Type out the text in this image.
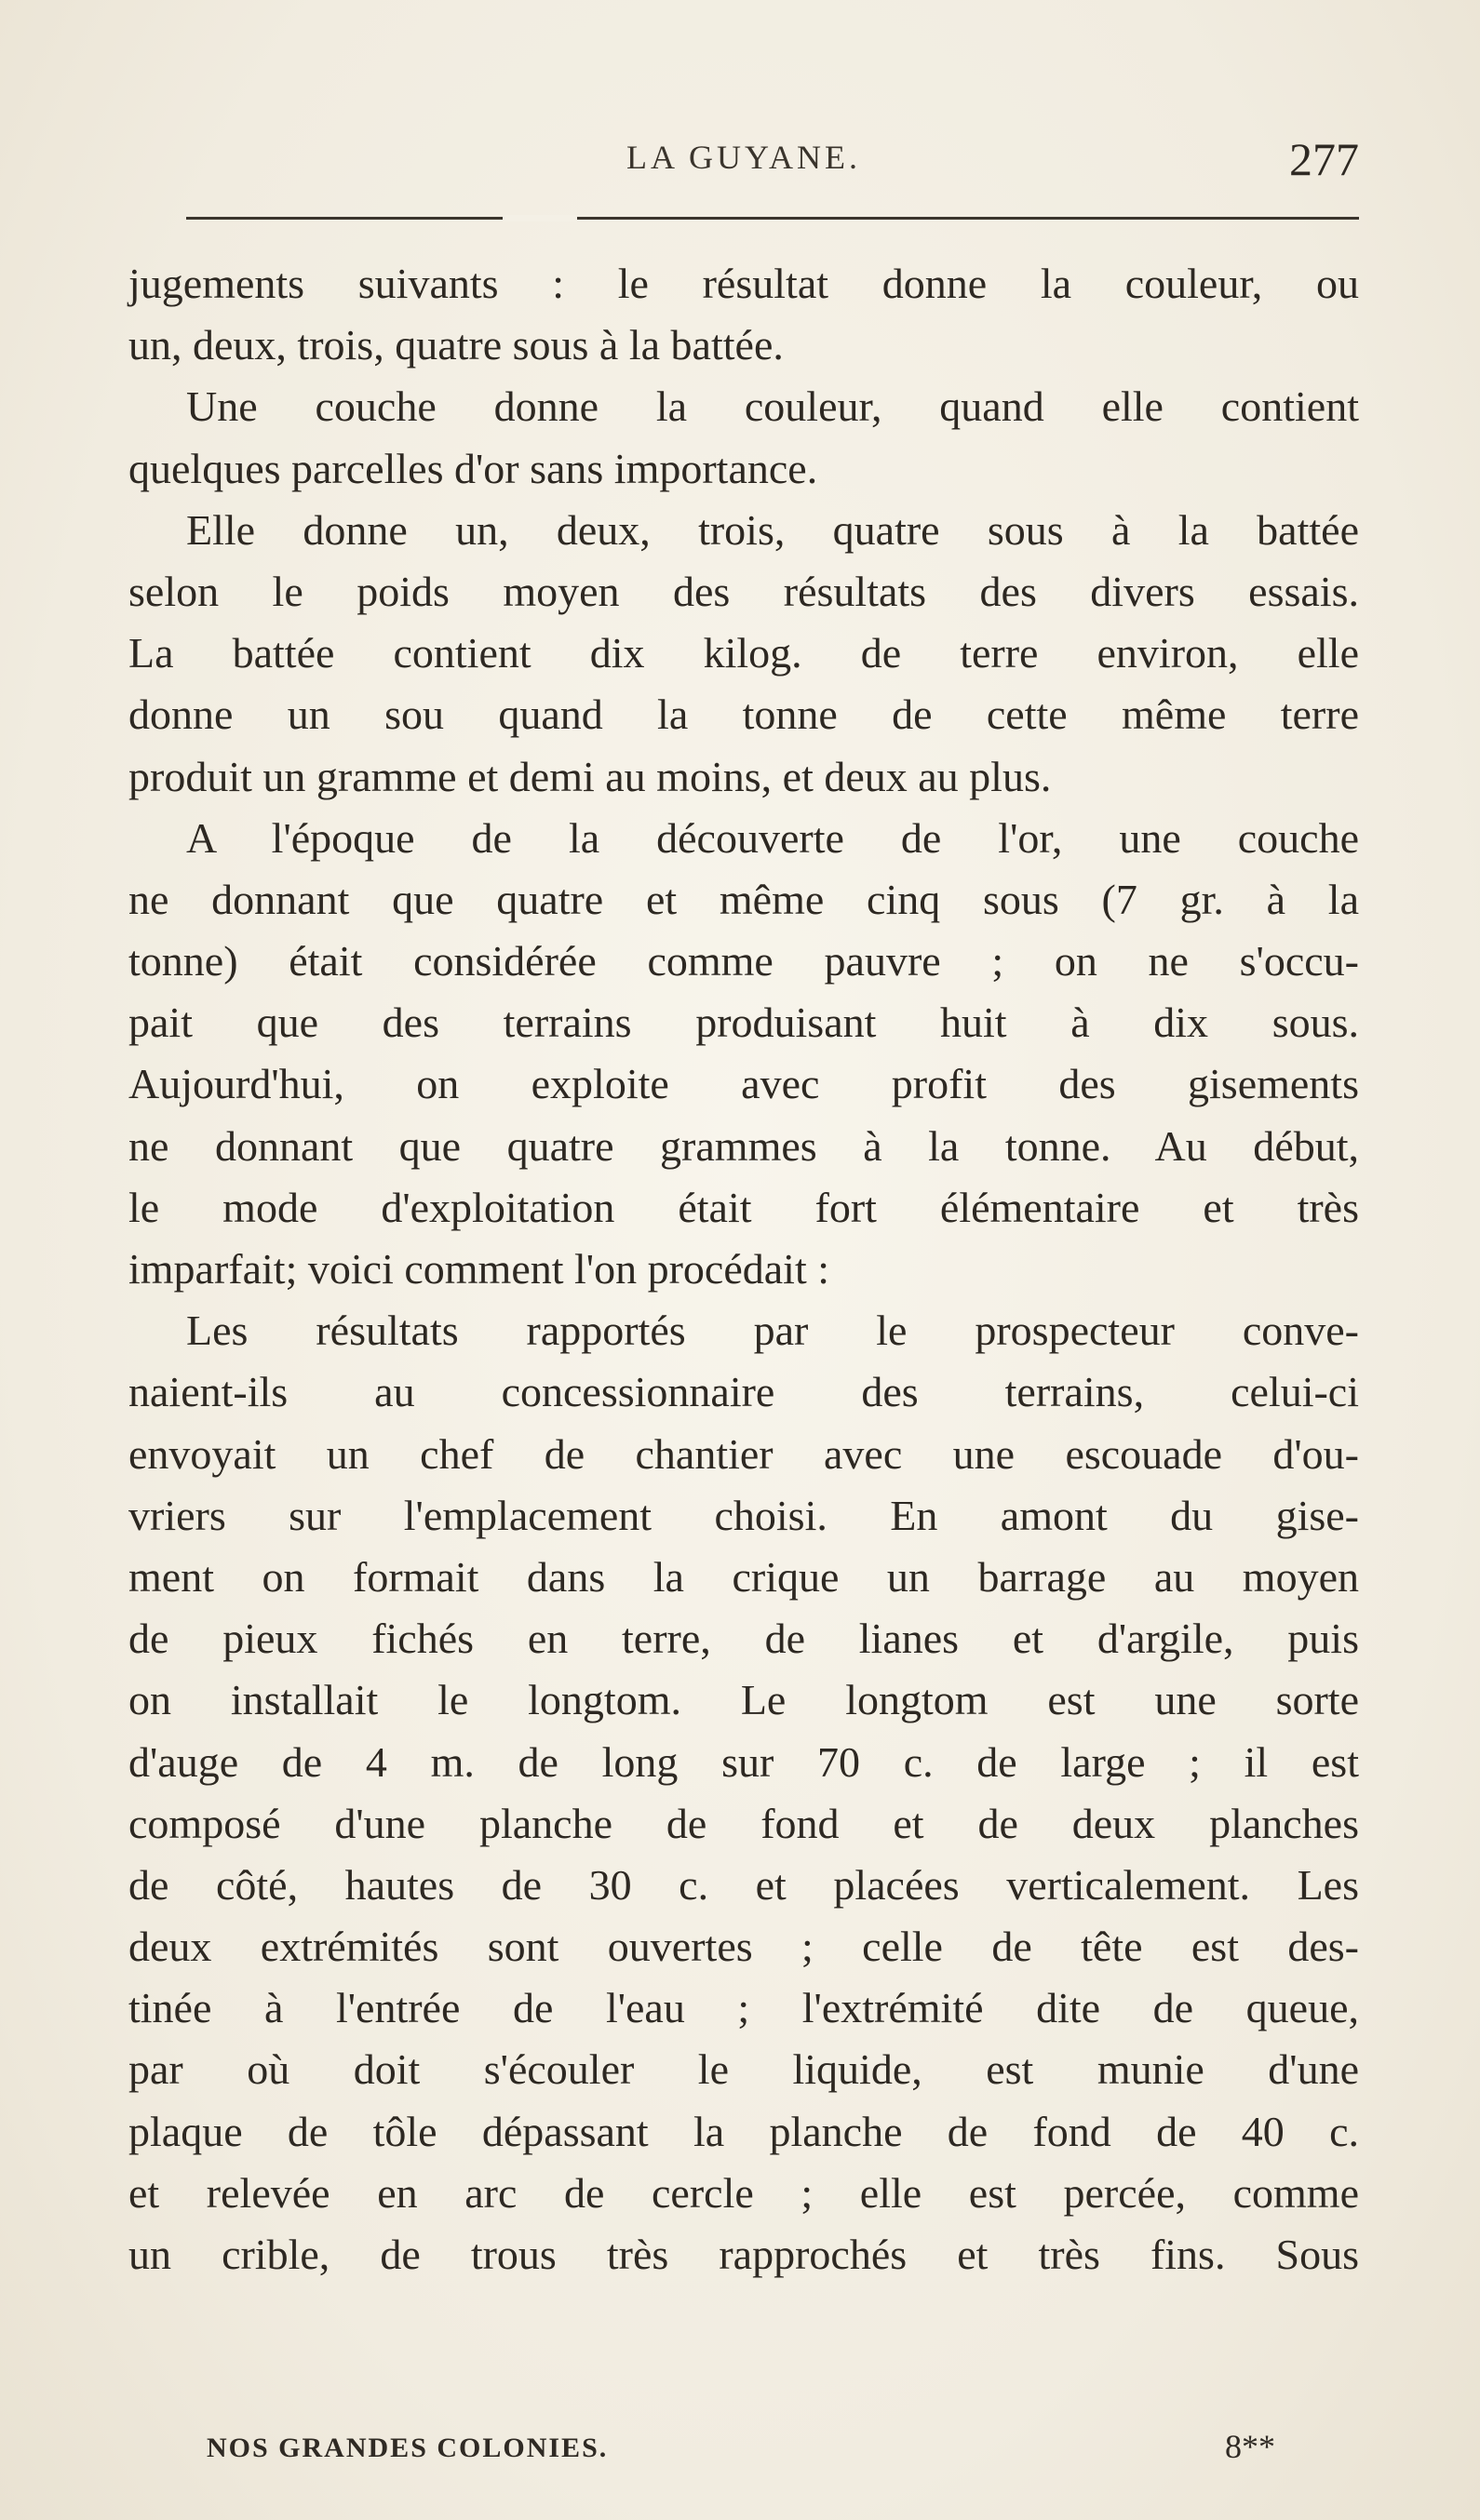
LA GUYANE.	277
jugements suivants : le résultat donne la couleur, ou
un, deux, trois, quatre sous à la battée.
Une couche donne la couleur, quand elle contient
quelques parcelles d'or sans importance.
Elle donne un, deux, trois, quatre sous à la battée
selon le poids moyen des résultats des divers essais.
La battée contient dix kilog. de terre environ, elle
donne un sou quand la tonne de cette même terre
produit un gramme et demi au moins, et deux au plus.
A l'époque de la découverte de l'or, une couche
ne donnant que quatre et même cinq sous (7 gr. à la
tonne) était considérée comme pauvre ; on ne s'occu-
pait que des terrains produisant huit à dix sous.
Aujourd'hui, on exploite avec profit des gisements
ne donnant que quatre grammes à la tonne. Au début,
le mode d'exploitation était fort élémentaire et très
imparfait; voici comment l'on procédait :
Les résultats rapportés par le prospecteur conve-
naient-ils au concessionnaire des terrains, celui-ci
envoyait un chef de chantier avec une escouade d'ou-
vriers sur l'emplacement choisi. En amont du gise-
ment on formait dans la crique un barrage au moyen
de pieux fichés en terre, de lianes et d'argile, puis
on installait le longtom. Le longtom est une sorte
d'auge de 4 m. de long sur 70 c. de large ; il est
composé d'une planche de fond et de deux planches
de côté, hautes de 30 c. et placées verticalement. Les
deux extrémités sont ouvertes ; celle de tête est des-
tinée à l'entrée de l'eau ; l'extrémité dite de queue,
par où doit s'écouler le liquide, est munie d'une
plaque de tôle dépassant la planche de fond de 40 c.
et relevée en arc de cercle ; elle est percée, comme
un crible, de trous très rapprochés et très fins. Sous
NOS GRANDES COLONIES.	8**
